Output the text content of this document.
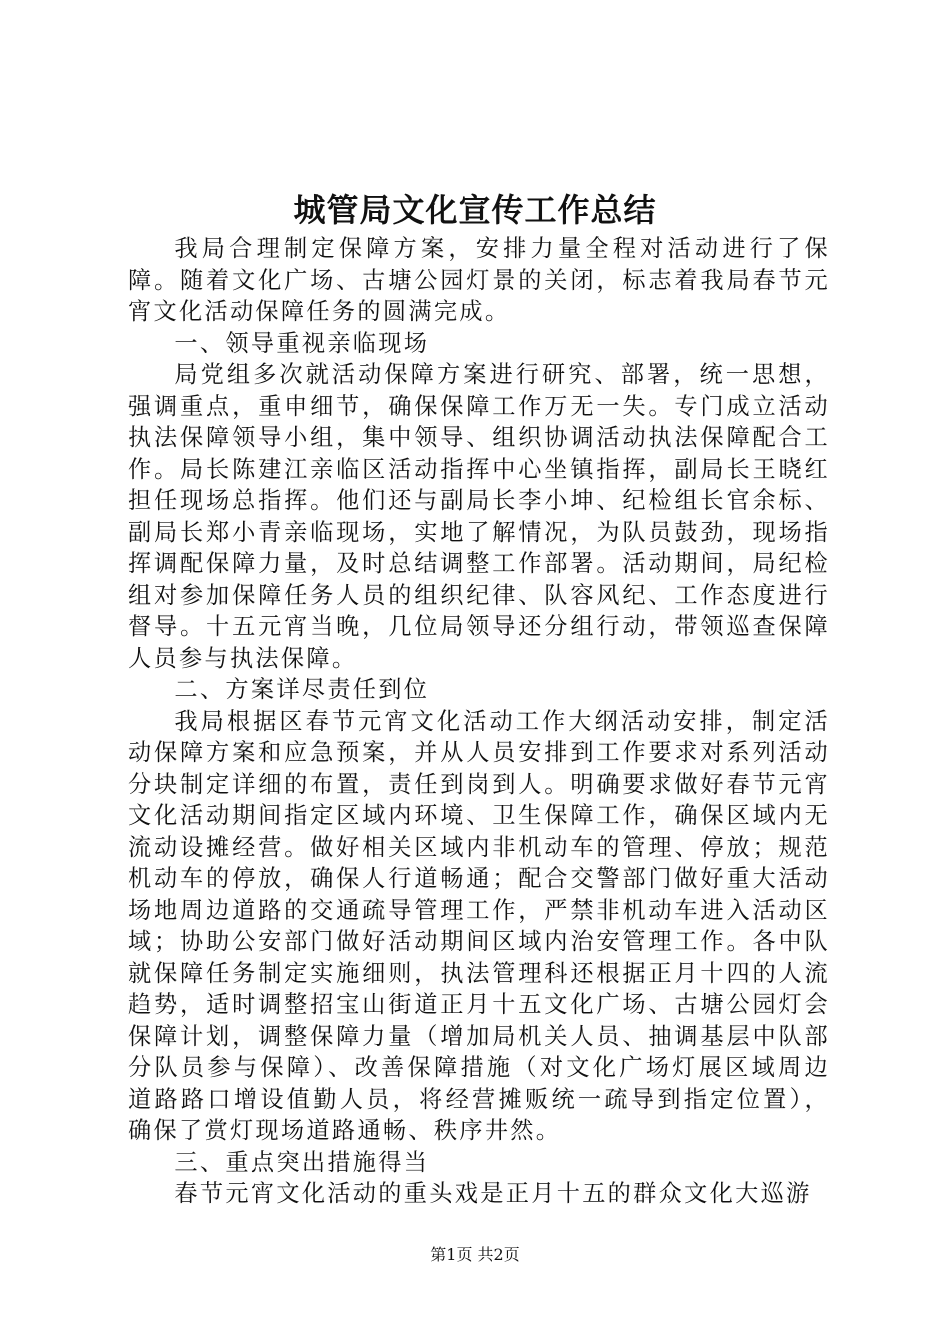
城管局文化宣传工作总结

我局合理制定保障方案，安排力量全程对活动进行了保障。随着文化广场、古塘公园灯景的关闭，标志着我局春节元宵文化活动保障任务的圆满完成。

一、领导重视亲临现场

局党组多次就活动保障方案进行研究、部署，统一思想，强调重点，重申细节，确保保障工作万无一失。专门成立活动执法保障领导小组，集中领导、组织协调活动执法保障配合工作。局长陈建江亲临区活动指挥中心坐镇指挥，副局长王晓红担任现场总指挥。他们还与副局长李小坤、纪检组长官余标、副局长郑小青亲临现场，实地了解情况，为队员鼓劲，现场指挥调配保障力量，及时总结调整工作部署。活动期间，局纪检组对参加保障任务人员的组织纪律、队容风纪、工作态度进行督导。十五元宵当晚，几位局领导还分组行动，带领巡查保障人员参与执法保障。

二、方案详尽责任到位

我局根据区春节元宵文化活动工作大纲活动安排，制定活动保障方案和应急预案，并从人员安排到工作要求对系列活动分块制定详细的布置，责任到岗到人。明确要求做好春节元宵文化活动期间指定区域内环境、卫生保障工作，确保区域内无流动设摊经营。做好相关区域内非机动车的管理、停放；规范机动车的停放，确保人行道畅通；配合交警部门做好重大活动场地周边道路的交通疏导管理工作，严禁非机动车进入活动区域；协助公安部门做好活动期间区域内治安管理工作。各中队就保障任务制定实施细则，执法管理科还根据正月十四的人流趋势，适时调整招宝山街道正月十五文化广场、古塘公园灯会保障计划，调整保障力量（增加局机关人员、抽调基层中队部分队员参与保障）、改善保障措施（对文化广场灯展区域周边道路路口增设值勤人员，将经营摊贩统一疏导到指定位置），确保了赏灯现场道路通畅、秩序井然。

三、重点突出措施得当

春节元宵文化活动的重头戏是正月十五的群众文化大巡游

第1页 共2页
